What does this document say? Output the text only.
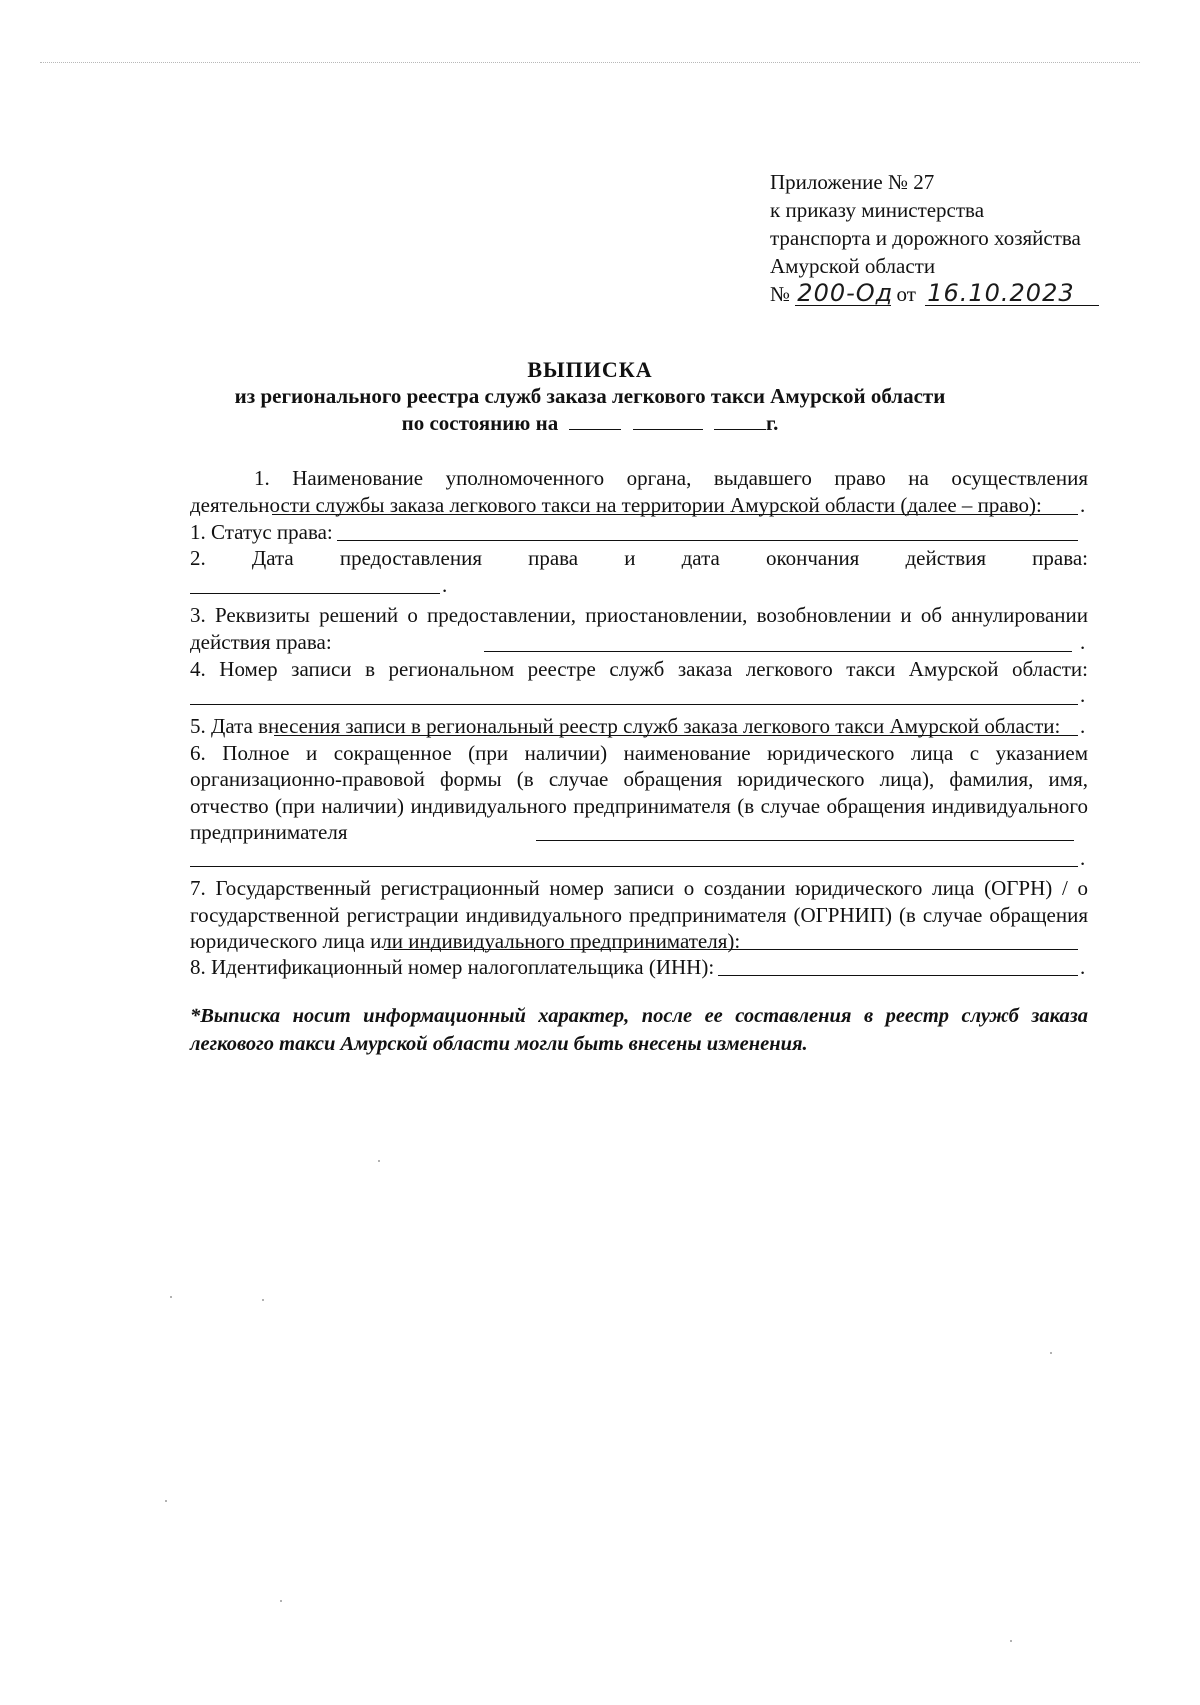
Приложение № 27
к приказу министерства
транспорта и дорожного хозяйства
Амурской области
№ 200-Од от 16.10.2023
ВЫПИСКА
из регионального реестра служб заказа легкового такси Амурской области
по состоянию на	г.
1. Наименование уполномоченного органа, выдавшего право на осуществления деятельности службы заказа легкового такси на территории Амурской области (далее – право):	.
1. Статус права:
2. Дата предоставления права и дата окончания действия права:
.
3. Реквизиты решений о предоставлении, приостановлении, возобновлении и об аннулировании действия права:	.
4. Номер записи в региональном реестре служб заказа легкового такси Амурской области:
.
5. Дата внесения записи в региональный реестр служб заказа легкового такси Амурской области: .
6. Полное и сокращенное (при наличии) наименование юридического лица с указанием организационно-правовой формы (в случае обращения юридического лица), фамилия, имя, отчество (при наличии) индивидуального предпринимателя (в случае обращения индивидуального предпринимателя
.
7. Государственный регистрационный номер записи о создании юридического лица (ОГРН) / о государственной регистрации индивидуального предпринимателя (ОГРНИП) (в случае обращения юридического лица или индивидуального предпринимателя):
8. Идентификационный номер налогоплательщика (ИНН):	.
*Выписка носит информационный характер, после ее составления в реестр служб заказа легкового такси Амурской области могли быть внесены изменения.
